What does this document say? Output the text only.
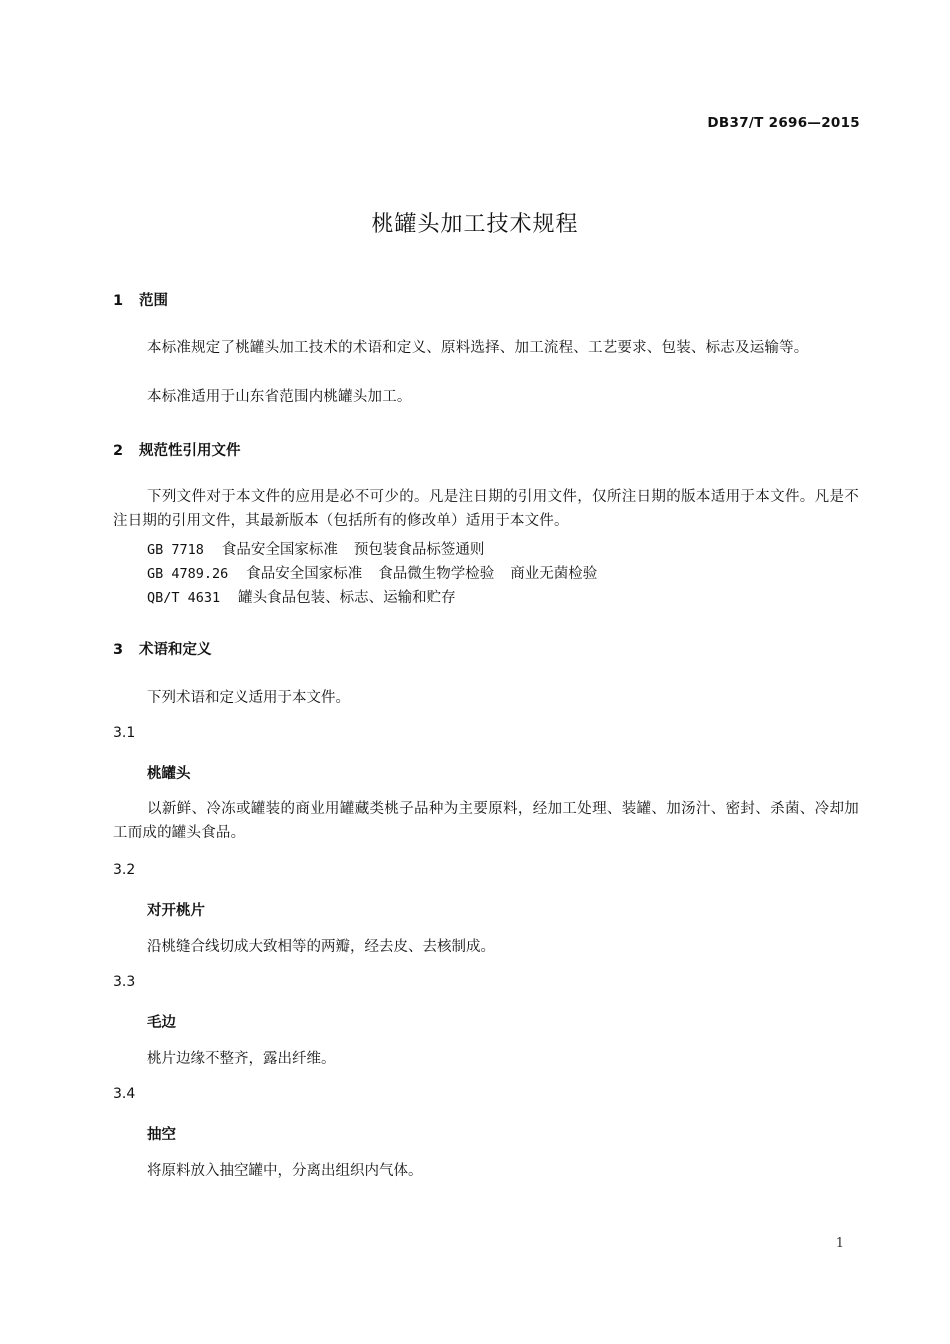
DB37/T 2696—2015
桃罐头加工技术规程
1 范围
本标准规定了桃罐头加工技术的术语和定义、原料选择、加工流程、工艺要求、包装、标志及运输等。
本标准适用于山东省范围内桃罐头加工。
2 规范性引用文件
下列文件对于本文件的应用是必不可少的。凡是注日期的引用文件，仅所注日期的版本适用于本文件。凡是不注日期的引用文件，其最新版本（包括所有的修改单）适用于本文件。
GB 7718 食品安全国家标准 预包装食品标签通则
GB 4789.26 食品安全国家标准 食品微生物学检验 商业无菌检验
QB/T 4631 罐头食品包装、标志、运输和贮存
3 术语和定义
下列术语和定义适用于本文件。
3.1
桃罐头
以新鲜、冷冻或罐装的商业用罐藏类桃子品种为主要原料，经加工处理、装罐、加汤汁、密封、杀菌、冷却加工而成的罐头食品。
3.2
对开桃片
沿桃缝合线切成大致相等的两瓣，经去皮、去核制成。
3.3
毛边
桃片边缘不整齐，露出纤维。
3.4
抽空
将原料放入抽空罐中，分离出组织内气体。
1
